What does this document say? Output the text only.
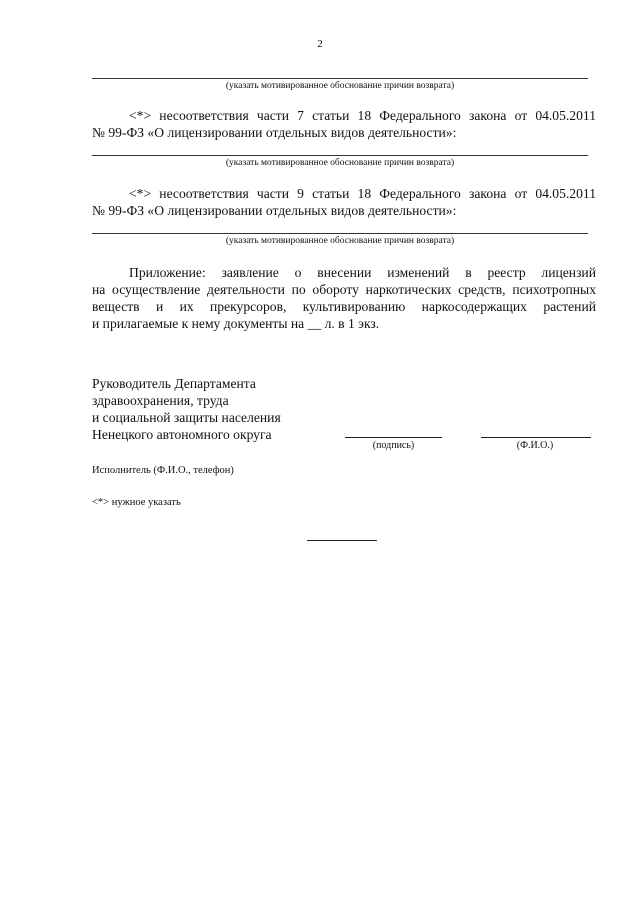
2
(указать мотивированное обоснование причин возврата)
<*> несоответствия части 7 статьи 18 Федерального закона от 04.05.2011
№ 99-ФЗ «О лицензировании отдельных видов деятельности»:
(указать мотивированное обоснование причин возврата)
<*> несоответствия части 9 статьи 18 Федерального закона от 04.05.2011
№ 99-ФЗ «О лицензировании отдельных видов деятельности»:
(указать мотивированное обоснование причин возврата)
Приложение: заявление о внесении изменений в реестр лицензий
на осуществление деятельности по обороту наркотических средств, психотропных
веществ и их прекурсоров, культивированию наркосодержащих растений
и прилагаемые к нему документы на __ л. в 1 экз.
Руководитель Департамента
здравоохранения, труда
и социальной защиты населения
Ненецкого автономного округа
(подпись)	(Ф.И.О.)
Исполнитель (Ф.И.О., телефон)
<*> нужное указать
